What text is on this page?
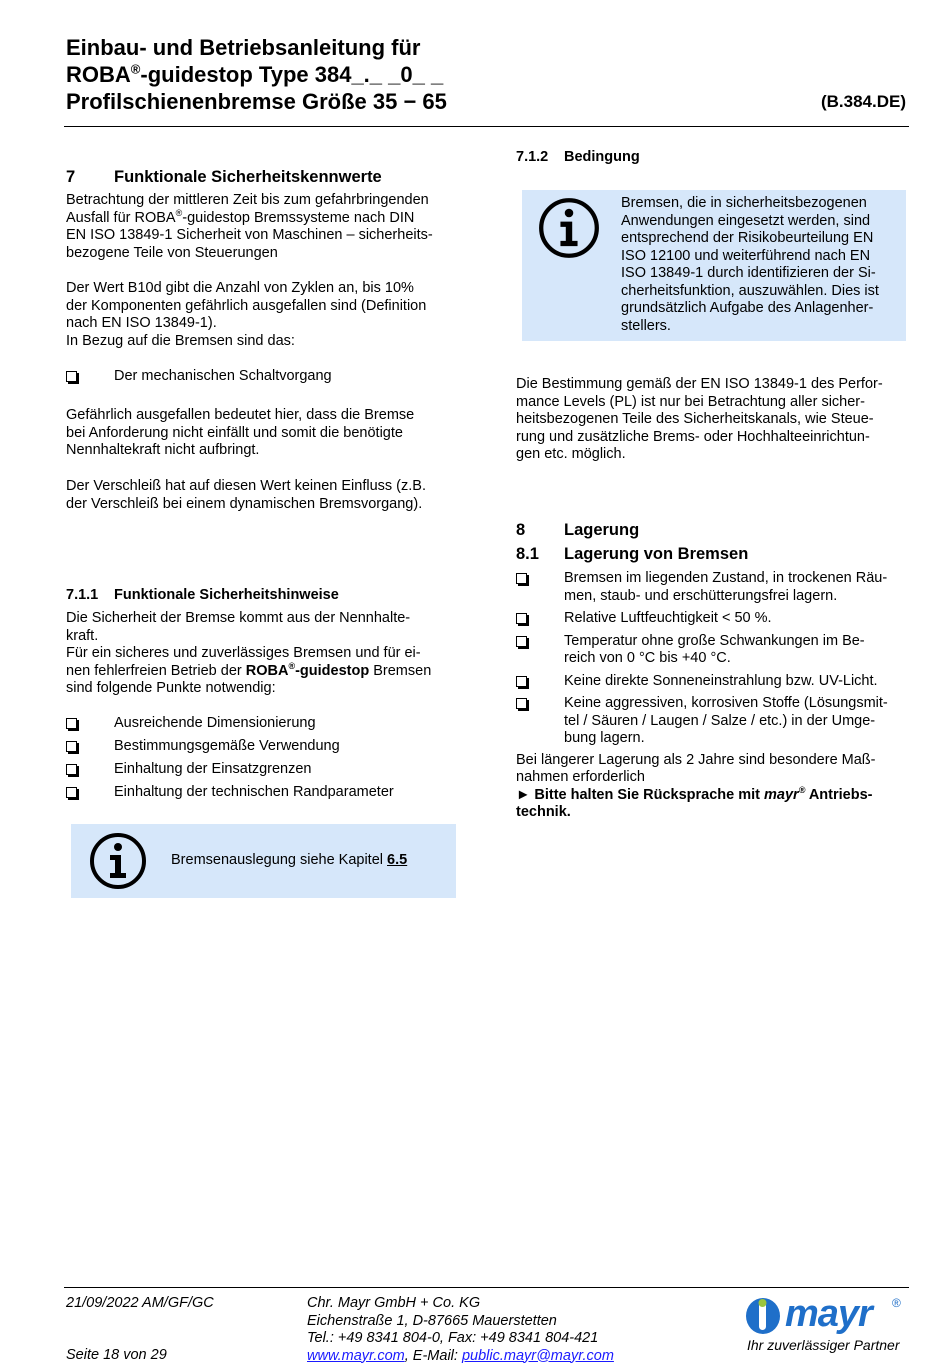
Einbau- und Betriebsanleitung für
ROBA®-guidestop Type 384_._ _0_ _
Profilschienenbremse Größe 35 − 65	(B.384.DE)
7 Funktionale Sicherheitskennwerte
Betrachtung der mittleren Zeit bis zum gefahrbringenden
Ausfall für ROBA®-guidestop Bremssysteme nach DIN
EN ISO 13849-1 Sicherheit von Maschinen – sicherheits-
bezogene Teile von Steuerungen
Der Wert B10d gibt die Anzahl von Zyklen an, bis 10%
der Komponenten gefährlich ausgefallen sind (Definition
nach EN ISO 13849-1).
In Bezug auf die Bremsen sind das:
Der mechanischen Schaltvorgang
Gefährlich ausgefallen bedeutet hier, dass die Bremse
bei Anforderung nicht einfällt und somit die benötigte
Nennhaltekraft nicht aufbringt.
Der Verschleiß hat auf diesen Wert keinen Einfluss (z.B.
der Verschleiß bei einem dynamischen Bremsvorgang).
7.1.1 Funktionale Sicherheitshinweise
Die Sicherheit der Bremse kommt aus der Nennhalte-
kraft.
Für ein sicheres und zuverlässiges Bremsen und für ei-
nen fehlerfreien Betrieb der ROBA®-guidestop Bremsen
sind folgende Punkte notwendig:
Ausreichende Dimensionierung
Bestimmungsgemäße Verwendung
Einhaltung der Einsatzgrenzen
Einhaltung der technischen Randparameter
Bremsenauslegung siehe Kapitel 6.5
7.1.2 Bedingung
Bremsen, die in sicherheitsbezogenen
Anwendungen eingesetzt werden, sind
entsprechend der Risikobeurteilung EN
ISO 12100 und weiterführend nach EN
ISO 13849-1 durch identifizieren der Si-
cherheitsfunktion, auszuwählen. Dies ist
grundsätzlich Aufgabe des Anlagenher-
stellers.
Die Bestimmung gemäß der EN ISO 13849-1 des Perfor-
mance Levels (PL) ist nur bei Betrachtung aller sicher-
heitsbezogenen Teile des Sicherheitskanals, wie Steue-
rung und zusätzliche Brems- oder Hochhalteeinrichtun-
gen etc. möglich.
8 Lagerung
8.1 Lagerung von Bremsen
Bremsen im liegenden Zustand, in trockenen Räu-
men, staub- und erschütterungsfrei lagern.
Relative Luftfeuchtigkeit < 50 %.
Temperatur ohne große Schwankungen im Be-
reich von 0 °C bis +40 °C.
Keine direkte Sonneneinstrahlung bzw. UV-Licht.
Keine aggressiven, korrosiven Stoffe (Lösungsmit-
tel / Säuren / Laugen / Salze / etc.) in der Umge-
bung lagern.
Bei längerer Lagerung als 2 Jahre sind besondere Maß-
nahmen erforderlich
► Bitte halten Sie Rücksprache mit mayr® Antriebs-
technik.
21/09/2022 AM/GF/GC
Seite 18 von 29
Chr. Mayr GmbH + Co. KG
Eichenstraße 1, D-87665 Mauerstetten
Tel.: +49 8341 804-0, Fax: +49 8341 804-421
www.mayr.com, E-Mail: public.mayr@mayr.com
mayr ®
Ihr zuverlässiger Partner
